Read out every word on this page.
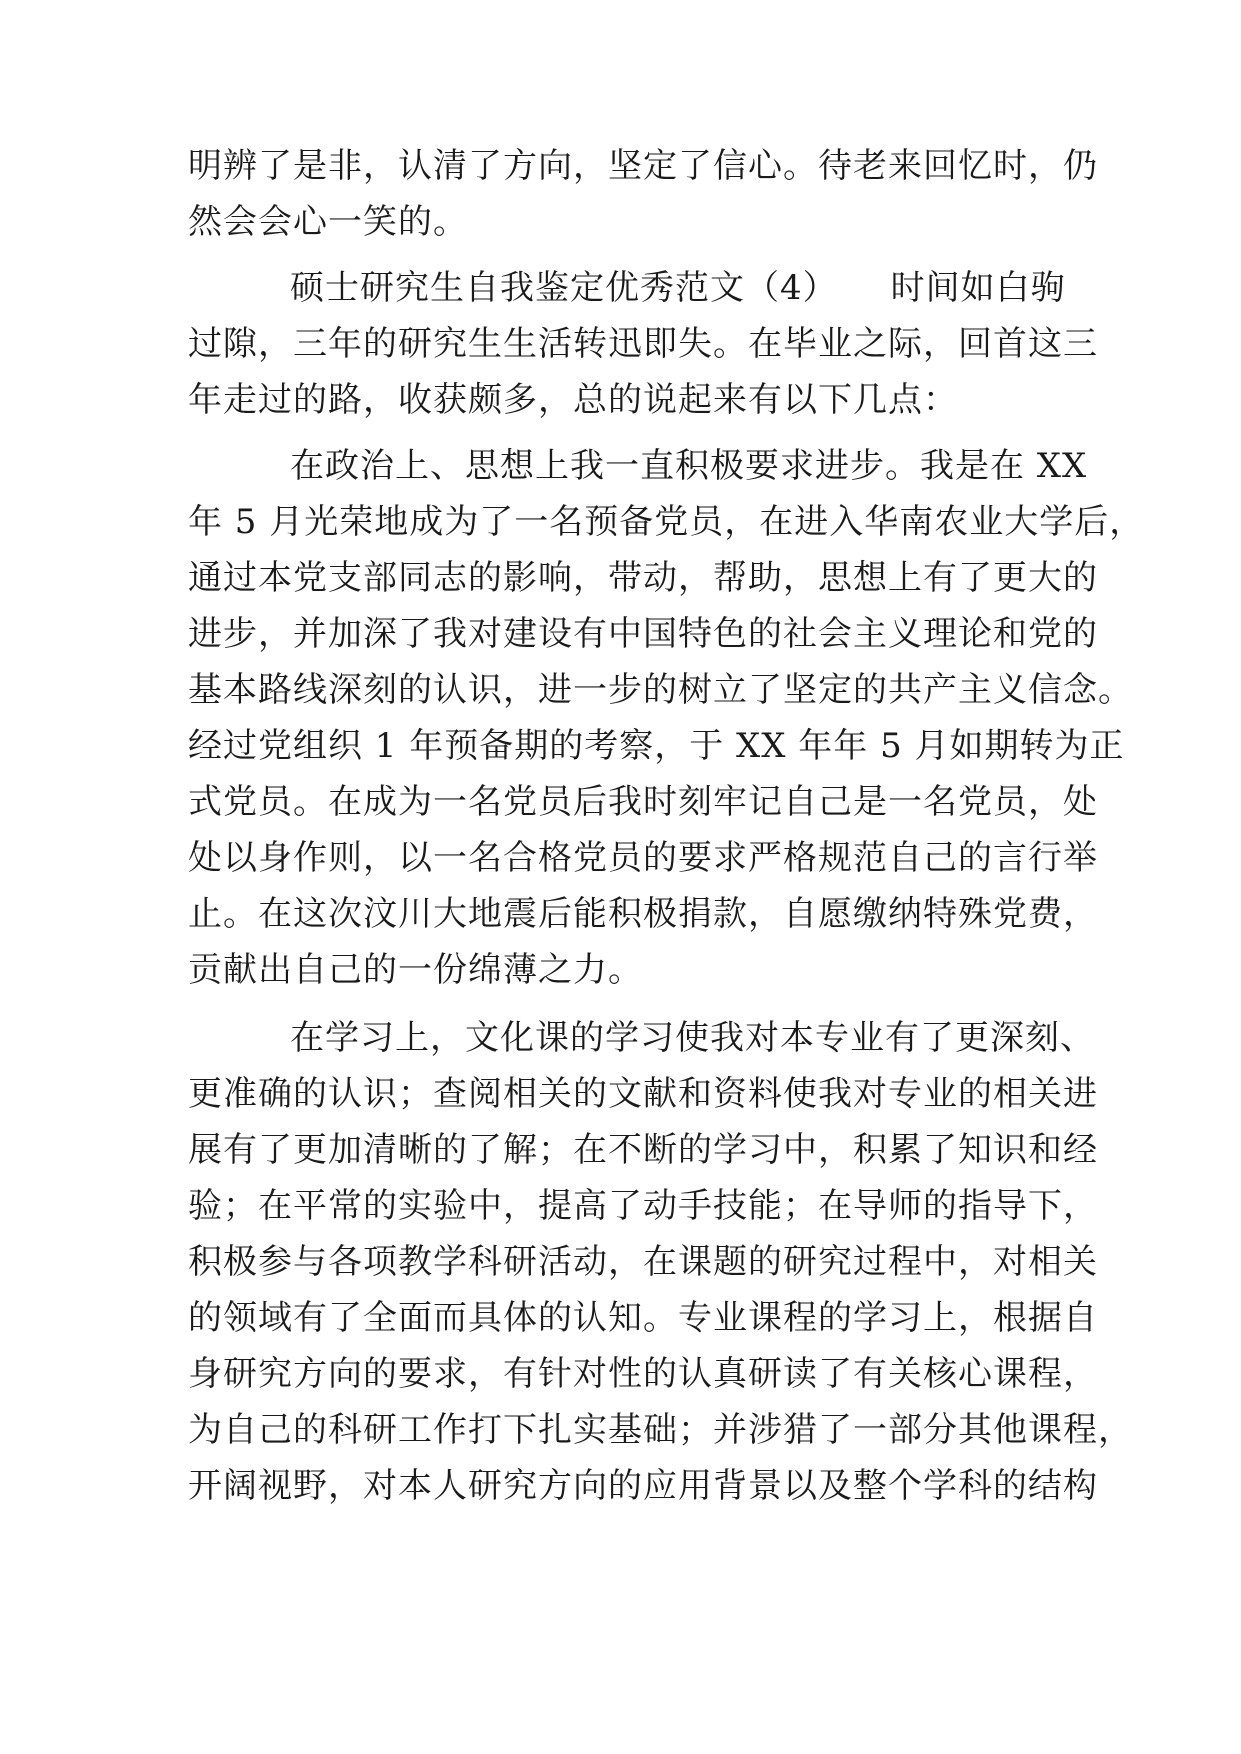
明辨了是非，认清了方向，坚定了信心。待老来回忆时，仍
然会会心一笑的。
硕士研究生自我鉴定优秀范文（4）　　时间如白驹
过隙，三年的研究生生活转迅即失。在毕业之际，回首这三
年走过的路，收获颇多，总的说起来有以下几点：
在政治上、思想上我一直积极要求进步。我是在 XX
年 5 月光荣地成为了一名预备党员，在进入华南农业大学后，
通过本党支部同志的影响，带动，帮助，思想上有了更大的
进步，并加深了我对建设有中国特色的社会主义理论和党的
基本路线深刻的认识，进一步的树立了坚定的共产主义信念。
经过党组织 1 年预备期的考察，于 XX 年年 5 月如期转为正
式党员。在成为一名党员后我时刻牢记自己是一名党员，处
处以身作则，以一名合格党员的要求严格规范自己的言行举
止。在这次汶川大地震后能积极捐款，自愿缴纳特殊党费，
贡献出自己的一份绵薄之力。
在学习上，文化课的学习使我对本专业有了更深刻、
更准确的认识；查阅相关的文献和资料使我对专业的相关进
展有了更加清晰的了解；在不断的学习中，积累了知识和经
验；在平常的实验中，提高了动手技能；在导师的指导下，
积极参与各项教学科研活动，在课题的研究过程中，对相关
的领域有了全面而具体的认知。专业课程的学习上，根据自
身研究方向的要求，有针对性的认真研读了有关核心课程，
为自己的科研工作打下扎实基础；并涉猎了一部分其他课程，
开阔视野，对本人研究方向的应用背景以及整个学科的结构
